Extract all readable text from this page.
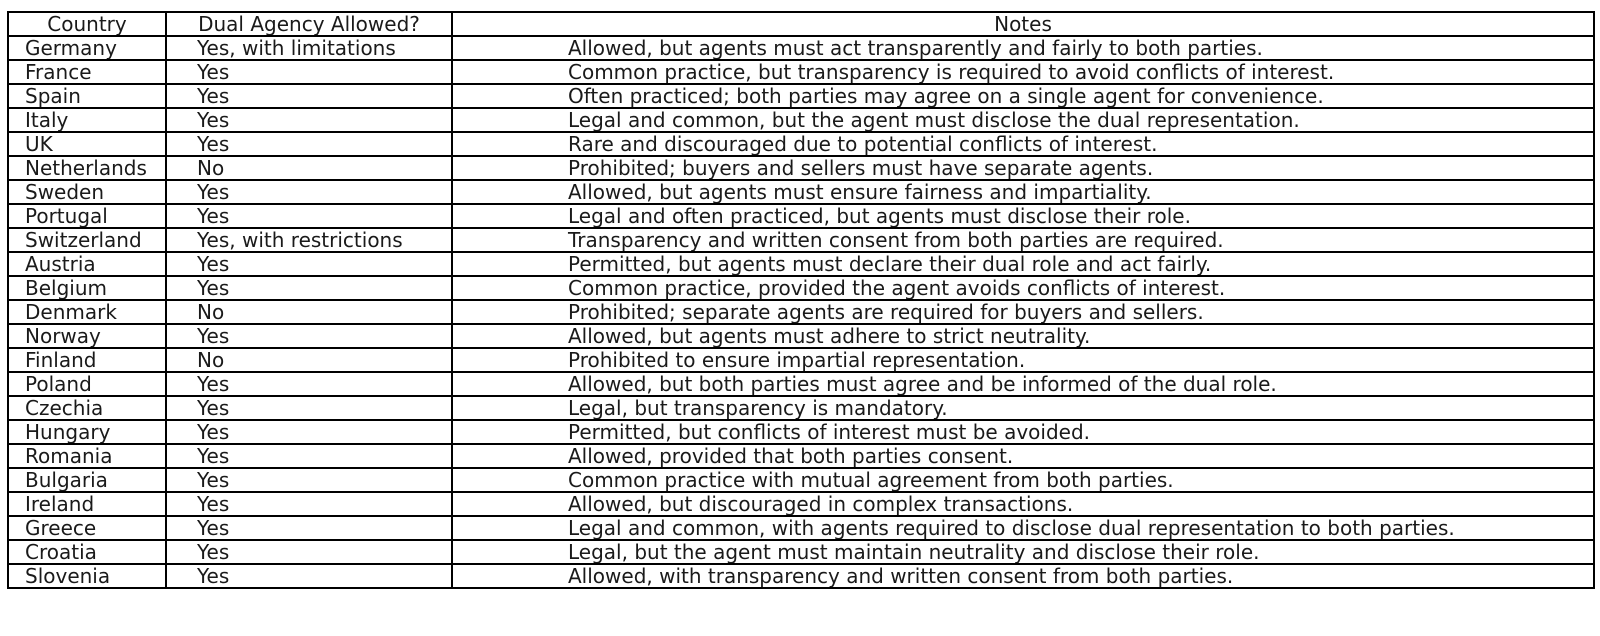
Country	Dual Agency Allowed?	Notes
Germany	Yes, with limitations	Allowed, but agents must act transparently and fairly to both parties.
France	Yes	Common practice, but transparency is required to avoid conflicts of interest.
Spain	Yes	Often practiced; both parties may agree on a single agent for convenience.
Italy	Yes	Legal and common, but the agent must disclose the dual representation.
UK	Yes	Rare and discouraged due to potential conflicts of interest.
Netherlands	No	Prohibited; buyers and sellers must have separate agents.
Sweden	Yes	Allowed, but agents must ensure fairness and impartiality.
Portugal	Yes	Legal and often practiced, but agents must disclose their role.
Switzerland	Yes, with restrictions	Transparency and written consent from both parties are required.
Austria	Yes	Permitted, but agents must declare their dual role and act fairly.
Belgium	Yes	Common practice, provided the agent avoids conflicts of interest.
Denmark	No	Prohibited; separate agents are required for buyers and sellers.
Norway	Yes	Allowed, but agents must adhere to strict neutrality.
Finland	No	Prohibited to ensure impartial representation.
Poland	Yes	Allowed, but both parties must agree and be informed of the dual role.
Czechia	Yes	Legal, but transparency is mandatory.
Hungary	Yes	Permitted, but conflicts of interest must be avoided.
Romania	Yes	Allowed, provided that both parties consent.
Bulgaria	Yes	Common practice with mutual agreement from both parties.
Ireland	Yes	Allowed, but discouraged in complex transactions.
Greece	Yes	Legal and common, with agents required to disclose dual representation to both parties.
Croatia	Yes	Legal, but the agent must maintain neutrality and disclose their role.
Slovenia	Yes	Allowed, with transparency and written consent from both parties.
